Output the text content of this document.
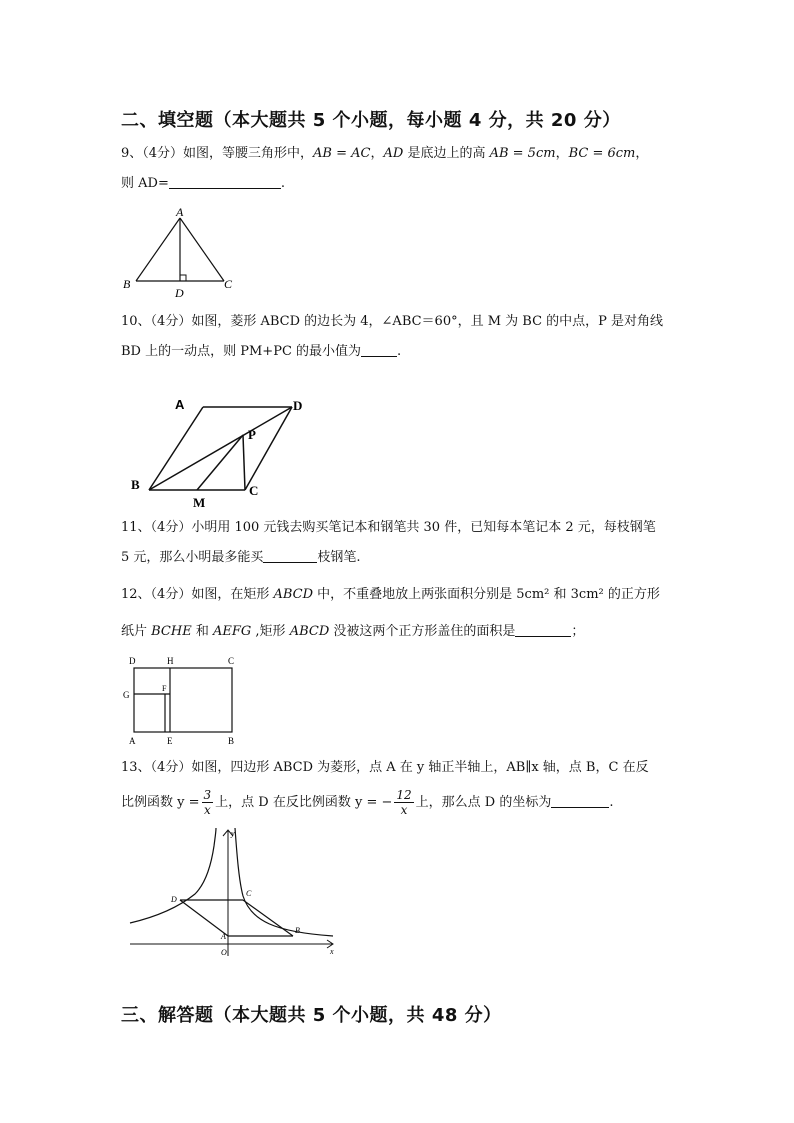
二、填空题（本大题共 5 个小题，每小题 4 分，共 20 分）
9、（4分）如图，等腰三角形中，AB = AC，AD 是底边上的高 AB = 5cm，BC = 6cm，
则 AD=	.
A
B	C
D
10、（4分）如图，菱形 ABCD 的边长为 4，∠ABC＝60°，且 M 为 BC 的中点，P 是对角线
BD 上的一动点，则 PM+PC 的最小值为	.
A	D
P
B	C
M
11、（4分）小明用 100 元钱去购买笔记本和钢笔共 30 件，已知每本笔记本 2 元，每枝钢笔
5 元，那么小明最多能买	枝钢笔.
12、（4分）如图，在矩形 ABCD 中，不重叠地放上两张面积分别是 5cm² 和 3cm² 的正方形
纸片 BCHE 和 AEFG ,矩形 ABCD 没被这两个正方形盖住的面积是	；
D	H	C
G
F
A	E	B
13、（4分）如图，四边形 ABCD 为菱形，点 A 在 y 轴正半轴上，AB∥x 轴，点 B，C 在反
比例函数 $y = \frac{3}{x}$ 上，点 D 在反比例函数 y = − $\frac{12}{x}$ 上，那么点 D 的坐标为	.
y
x
O
A
B
C
D
三、解答题（本大题共 5 个小题，共 48 分）
